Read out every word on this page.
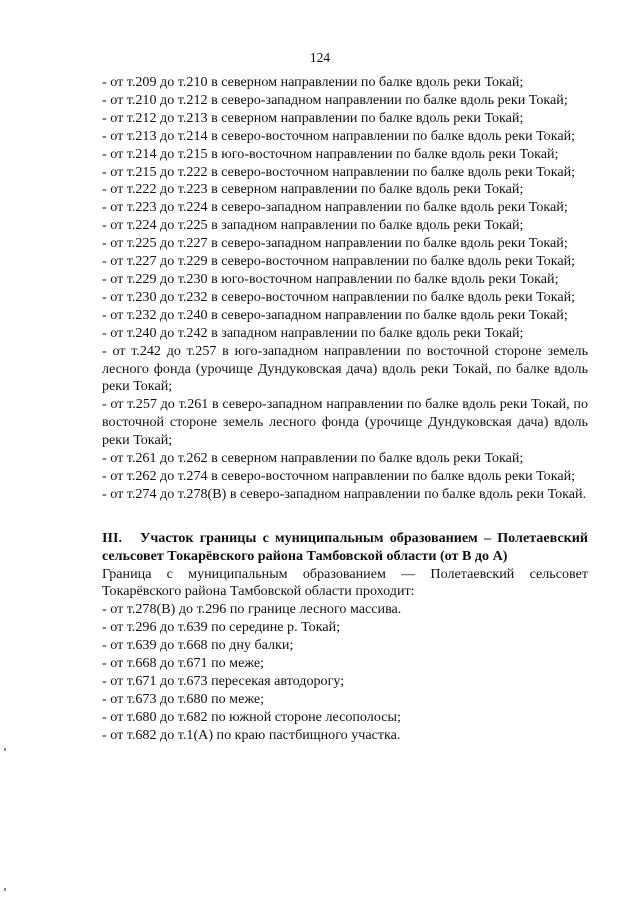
124

- от т.209 до т.210 в северном направлении по балке вдоль реки Токай;

- от т.210 до т.212 в северо-западном направлении по балке вдоль реки Токай;

- от т.212 до т.213 в северном направлении по балке вдоль реки Токай;

- от т.213 до т.214 в северо-восточном направлении по балке вдоль реки Токай;

- от т.214 до т.215 в юго-восточном направлении по балке вдоль реки Токай;

- от т.215 до т.222 в северо-восточном направлении по балке вдоль реки Токай;

- от т.222 до т.223 в северном направлении по балке вдоль реки Токай;

- от т.223 до т.224 в северо-западном направлении по балке вдоль реки Токай;

- от т.224 до т.225 в западном направлении по балке вдоль реки Токай;

- от т.225 до т.227 в северо-западном направлении по балке вдоль реки Токай;

- от т.227 до т.229 в северо-восточном направлении по балке вдоль реки Токай;

- от т.229 до т.230 в юго-восточном направлении по балке вдоль реки Токай;

- от т.230 до т.232 в северо-восточном направлении по балке вдоль реки Токай;

- от т.232 до т.240 в северо-западном направлении по балке вдоль реки Токай;

- от т.240 до т.242 в западном направлении по балке вдоль реки Токай;

- от т.242 до т.257 в юго-западном направлении по восточной стороне земель лесного фонда (урочище Дундуковская дача) вдоль реки Токай, по балке вдоль реки Токай;

- от т.257 до т.261 в северо-западном направлении по балке вдоль реки Токай, по восточной стороне земель лесного фонда (урочище Дундуковская дача) вдоль реки Токай;

- от т.261 до т.262 в северном направлении по балке вдоль реки Токай;

- от т.262 до т.274 в северо-восточном направлении по балке вдоль реки Токай;

- от т.274 до т.278(В) в северо-западном направлении по балке вдоль реки Токай.

III. Участок границы с муниципальным образованием – Полетаевский сельсовет Токарёвского района Тамбовской области (от В до А)

Граница с муниципальным образованием — Полетаевский сельсовет Токарёвского района Тамбовской области проходит:

- от т.278(В) до т.296 по границе лесного массива.

- от т.296 до т.639 по середине р. Токай;

- от т.639 до т.668 по дну балки;

- от т.668 до т.671 по меже;

- от т.671 до т.673 пересекая автодорогу;

- от т.673 до т.680 по меже;

- от т.680 до т.682 по южной стороне лесополосы;

- от т.682 до т.1(А) по краю пастбищного участка.
